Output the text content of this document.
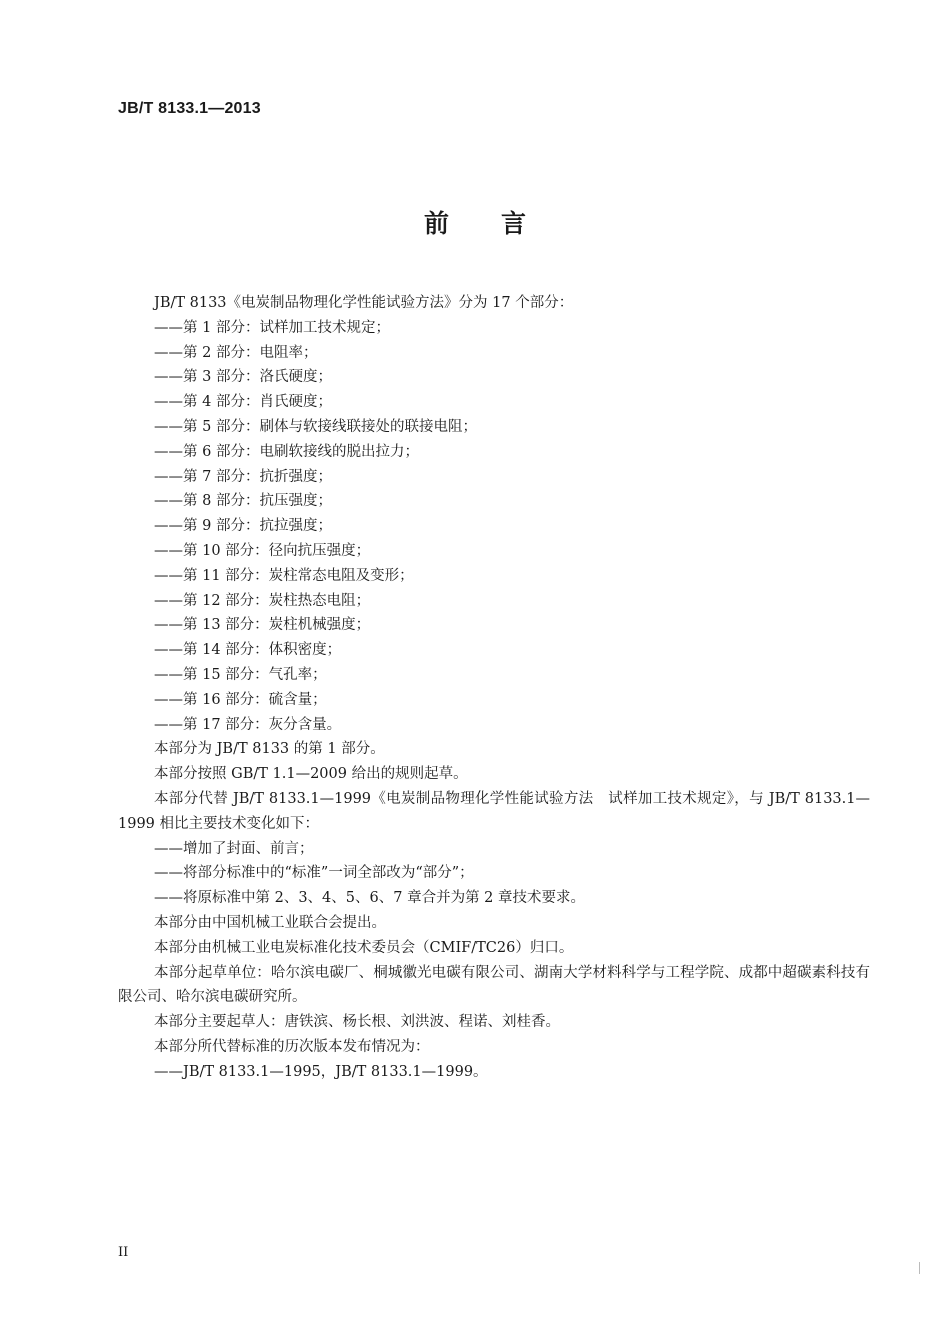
JB/T 8133.1—2013
前言
JB/T 8133《电炭制品物理化学性能试验方法》分为 17 个部分：
——第 1 部分：试样加工技术规定；
——第 2 部分：电阻率；
——第 3 部分：洛氏硬度；
——第 4 部分：肖氏硬度；
——第 5 部分：刷体与软接线联接处的联接电阻；
——第 6 部分：电刷软接线的脱出拉力；
——第 7 部分：抗折强度；
——第 8 部分：抗压强度；
——第 9 部分：抗拉强度；
——第 10 部分：径向抗压强度；
——第 11 部分：炭柱常态电阻及变形；
——第 12 部分：炭柱热态电阻；
——第 13 部分：炭柱机械强度；
——第 14 部分：体积密度；
——第 15 部分：气孔率；
——第 16 部分：硫含量；
——第 17 部分：灰分含量。
本部分为 JB/T 8133 的第 1 部分。
本部分按照 GB/T 1.1—2009 给出的规则起草。
本部分代替 JB/T 8133.1—1999《电炭制品物理化学性能试验方法　试样加工技术规定》，与 JB/T 8133.1—1999 相比主要技术变化如下：
——增加了封面、前言；
——将部分标准中的“标准”一词全部改为“部分”；
——将原标准中第 2、3、4、5、6、7 章合并为第 2 章技术要求。
本部分由中国机械工业联合会提出。
本部分由机械工业电炭标准化技术委员会（CMIF/TC26）归口。
本部分起草单位：哈尔滨电碳厂、桐城徽光电碳有限公司、湖南大学材料科学与工程学院、成都中超碳素科技有限公司、哈尔滨电碳研究所。
本部分主要起草人：唐铁滨、杨长根、刘洪波、程诺、刘桂香。
本部分所代替标准的历次版本发布情况为：
——JB/T 8133.1—1995，JB/T 8133.1—1999。
II
